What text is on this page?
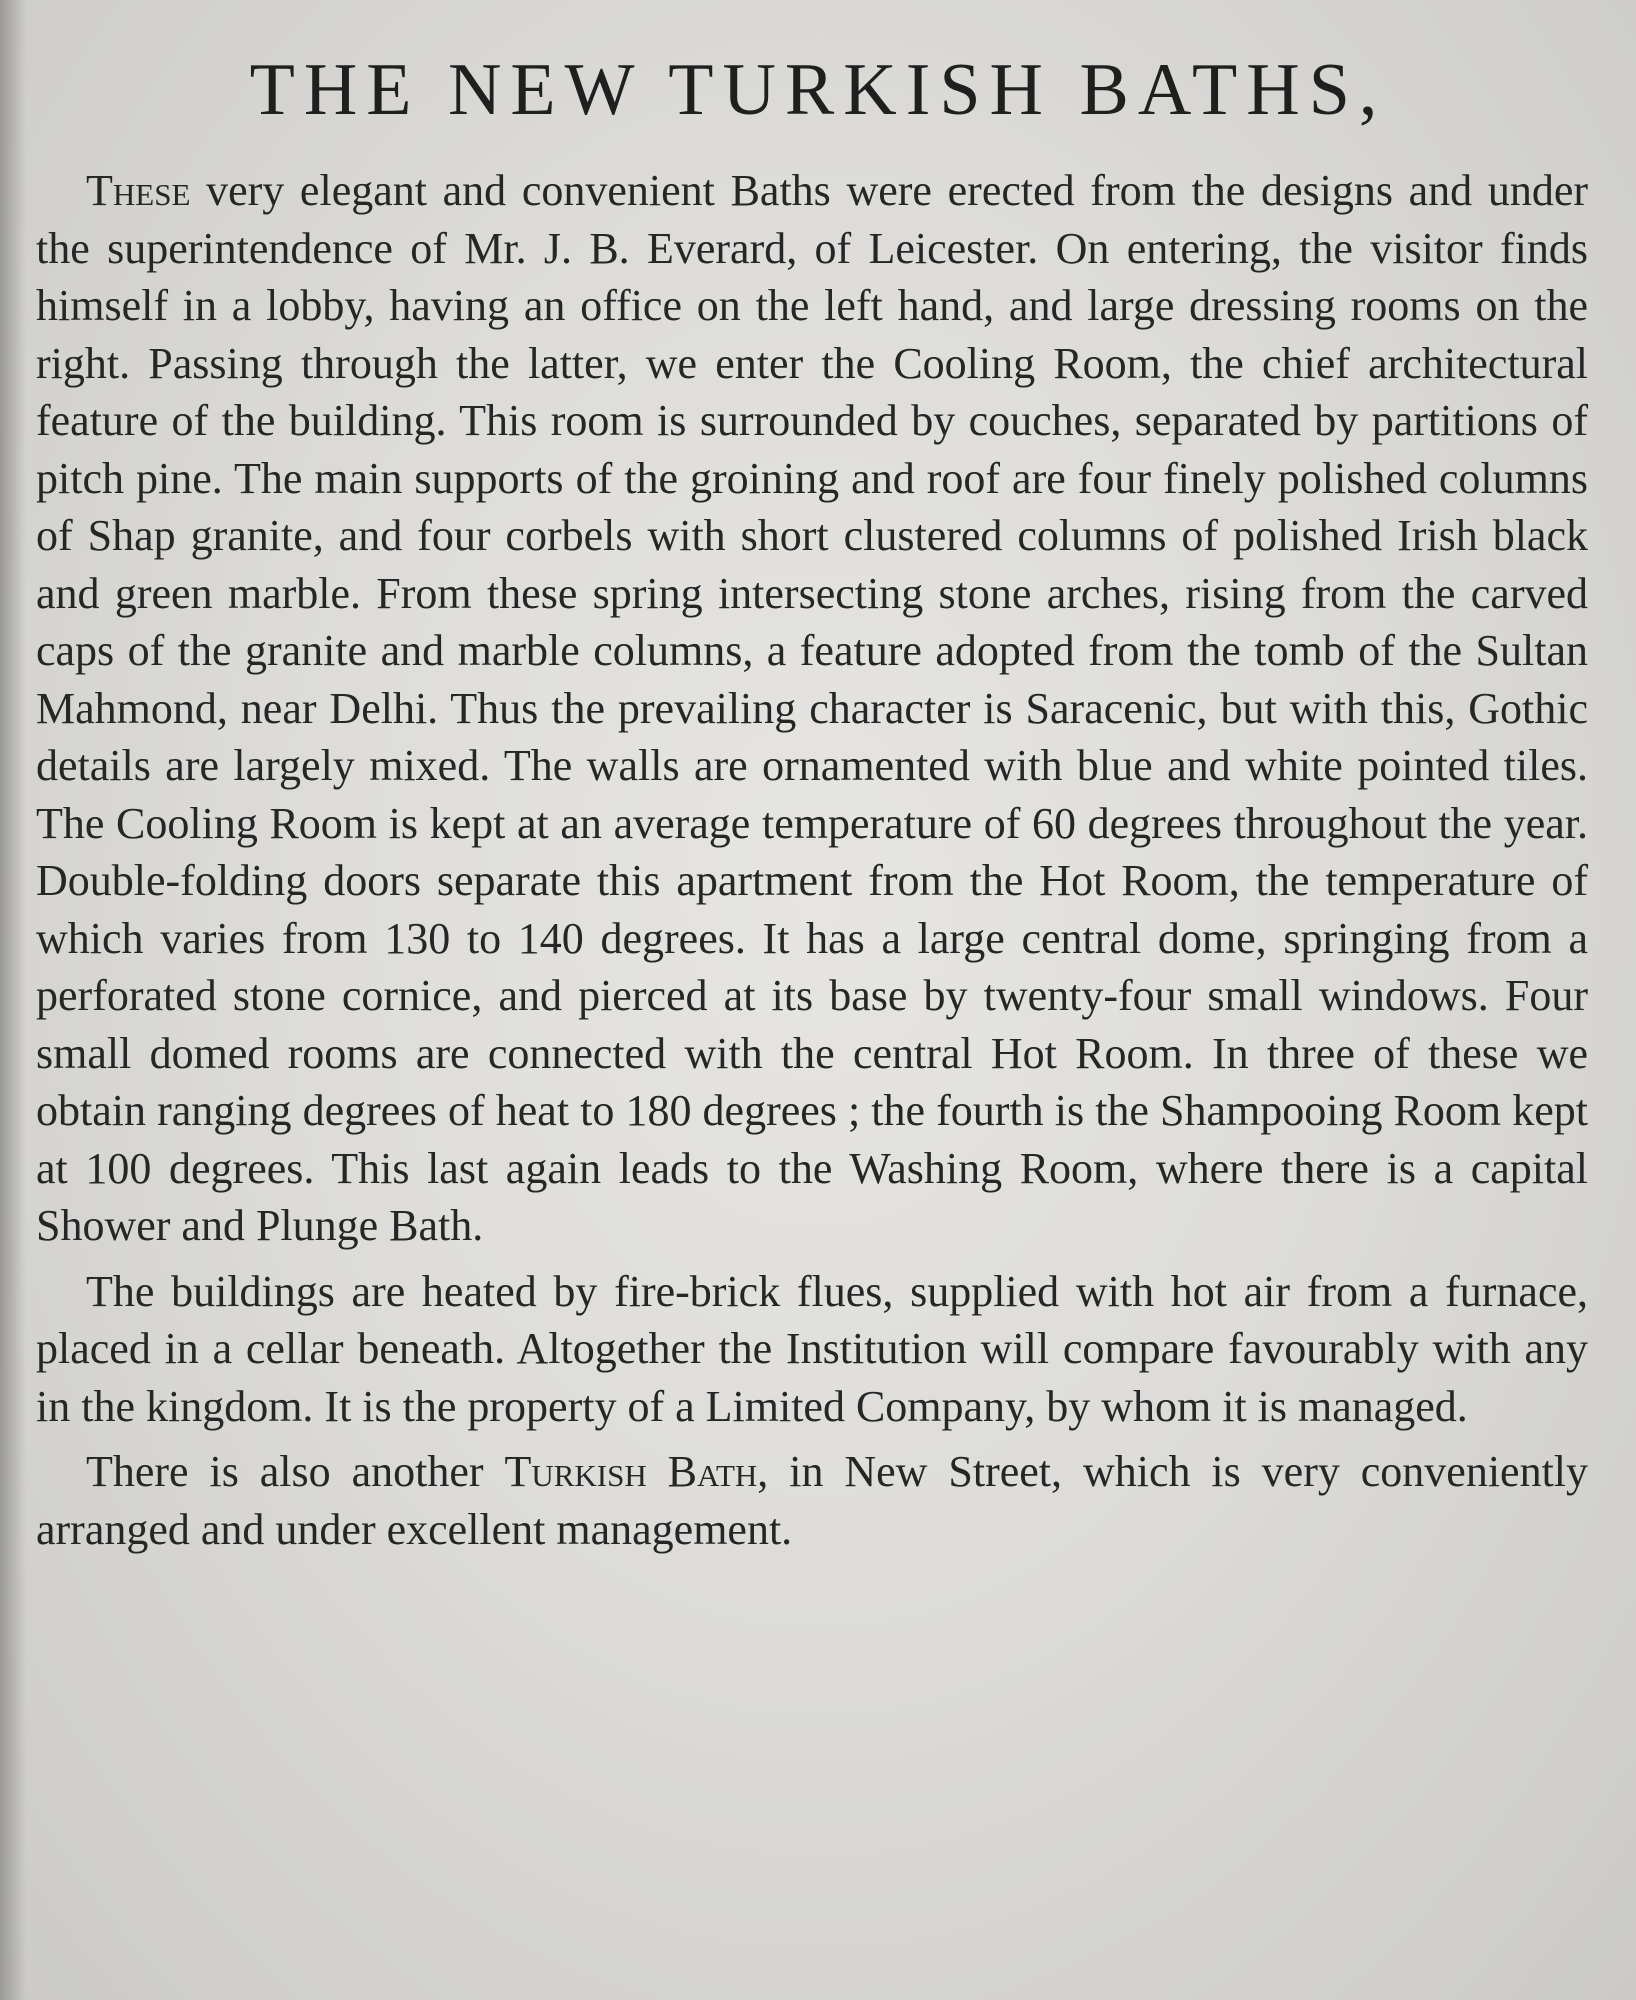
THE NEW TURKISH BATHS,

These very elegant and convenient Baths were erected from the designs and under the superintendence of Mr. J. B. Everard, of Leicester. On entering, the visitor finds himself in a lobby, having an office on the left hand, and large dressing rooms on the right. Passing through the latter, we enter the Cooling Room, the chief architectural feature of the building. This room is surrounded by couches, separated by partitions of pitch pine. The main supports of the groining and roof are four finely polished columns of Shap granite, and four corbels with short clustered columns of polished Irish black and green marble. From these spring intersecting stone arches, rising from the carved caps of the granite and marble columns, a feature adopted from the tomb of the Sultan Mahmond, near Delhi. Thus the prevailing character is Saracenic, but with this, Gothic details are largely mixed. The walls are ornamented with blue and white pointed tiles. The Cooling Room is kept at an average temperature of 60 degrees throughout the year. Double-folding doors separate this apartment from the Hot Room, the temperature of which varies from 130 to 140 degrees. It has a large central dome, springing from a perforated stone cornice, and pierced at its base by twenty-four small windows. Four small domed rooms are connected with the central Hot Room. In three of these we obtain ranging degrees of heat to 180 degrees ; the fourth is the Shampooing Room kept at 100 degrees. This last again leads to the Washing Room, where there is a capital Shower and Plunge Bath.

The buildings are heated by fire-brick flues, supplied with hot air from a furnace, placed in a cellar beneath. Altogether the Institution will compare favourably with any in the kingdom. It is the property of a Limited Company, by whom it is managed.

There is also another Turkish Bath, in New Street, which is very conveniently arranged and under excellent management.
